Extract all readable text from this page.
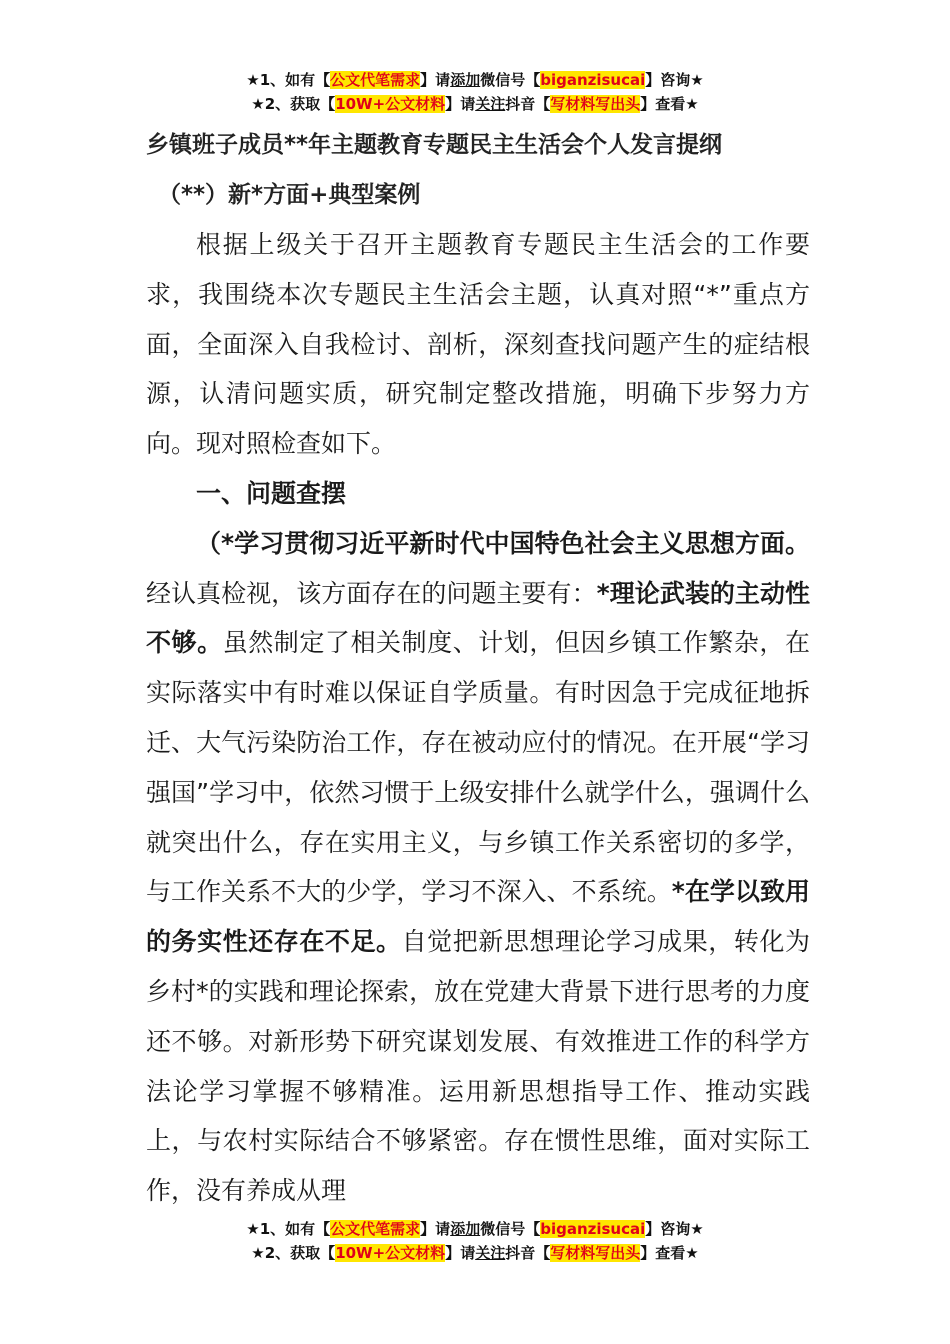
★1、如有【公文代笔需求】请添加微信号【biganzisucai】咨询★
★2、获取【10W+公文材料】请关注抖音【写材料写出头】查看★
乡镇班子成员**年主题教育专题民主生活会个人发言提纲
（**）新*方面+典型案例

根据上级关于召开主题教育专题民主生活会的工作要求，我围绕本次专题民主生活会主题，认真对照“*”重点方面，全面深入自我检讨、剖析，深刻查找问题产生的症结根源，认清问题实质，研究制定整改措施，明确下步努力方向。现对照检查如下。

一、问题查摆

（*学习贯彻习近平新时代中国特色社会主义思想方面。经认真检视，该方面存在的问题主要有：*理论武装的主动性不够。虽然制定了相关制度、计划，但因乡镇工作繁杂，在实际落实中有时难以保证自学质量。有时因急于完成征地拆迁、大气污染防治工作，存在被动应付的情况。在开展“学习强国”学习中，依然习惯于上级安排什么就学什么，强调什么就突出什么，存在实用主义，与乡镇工作关系密切的多学，与工作关系不大的少学，学习不深入、不系统。*在学以致用的务实性还存在不足。自觉把新思想理论学习成果，转化为乡村*的实践和理论探索，放在党建大背景下进行思考的力度还不够。对新形势下研究谋划发展、有效推进工作的科学方法论学习掌握不够精准。运用新思想指导工作、推动实践上，与农村实际结合不够紧密。存在惯性思维，面对实际工作，没有养成从理

★1、如有【公文代笔需求】请添加微信号【biganzisucai】咨询★
★2、获取【10W+公文材料】请关注抖音【写材料写出头】查看★
